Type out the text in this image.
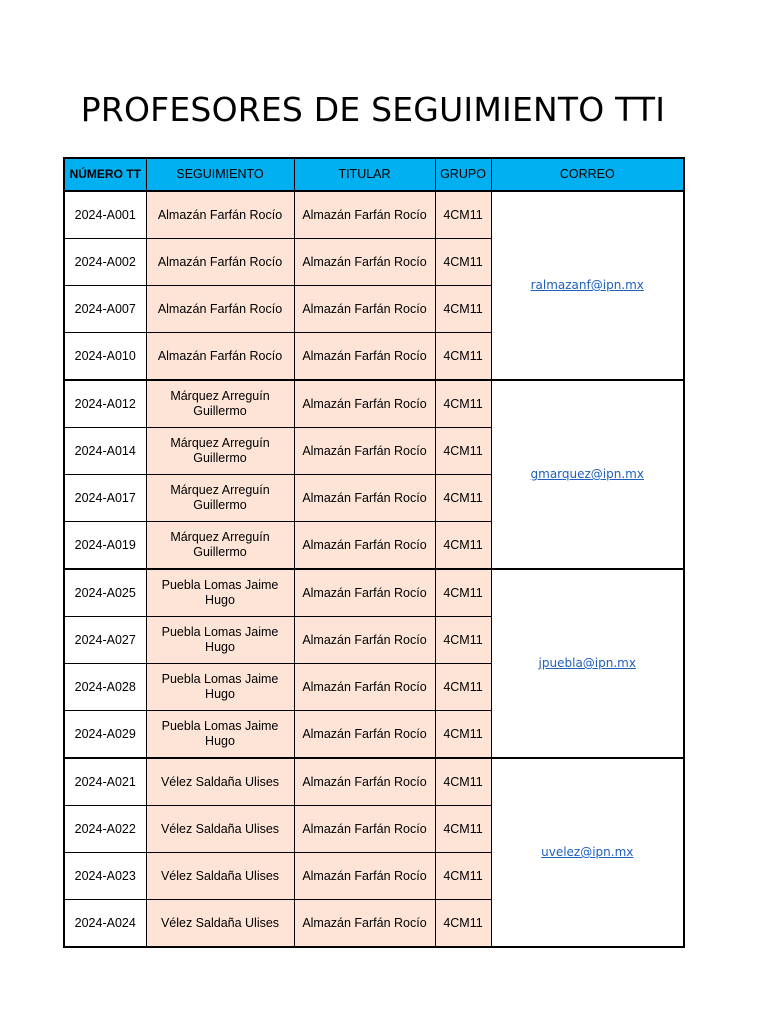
PROFESORES DE SEGUIMIENTO TTI
NÚMERO TT	SEGUIMIENTO	TITULAR	GRUPO	CORREO
2024-A001	Almazán Farfán Rocío	Almazán Farfán Rocío	4CM11	ralmazanf@ipn.mx
2024-A002	Almazán Farfán Rocío	Almazán Farfán Rocío	4CM11	
2024-A007	Almazán Farfán Rocío	Almazán Farfán Rocío	4CM11	
2024-A010	Almazán Farfán Rocío	Almazán Farfán Rocío	4CM11	
2024-A012	Márquez Arreguín Guillermo	Almazán Farfán Rocío	4CM11	gmarquez@ipn.mx
2024-A014	Márquez Arreguín Guillermo	Almazán Farfán Rocío	4CM11	
2024-A017	Márquez Arreguín Guillermo	Almazán Farfán Rocío	4CM11	
2024-A019	Márquez Arreguín Guillermo	Almazán Farfán Rocío	4CM11	
2024-A025	Puebla Lomas Jaime Hugo	Almazán Farfán Rocío	4CM11	jpuebla@ipn.mx
2024-A027	Puebla Lomas Jaime Hugo	Almazán Farfán Rocío	4CM11	
2024-A028	Puebla Lomas Jaime Hugo	Almazán Farfán Rocío	4CM11	
2024-A029	Puebla Lomas Jaime Hugo	Almazán Farfán Rocío	4CM11	
2024-A021	Vélez Saldaña Ulises	Almazán Farfán Rocío	4CM11	uvelez@ipn.mx
2024-A022	Vélez Saldaña Ulises	Almazán Farfán Rocío	4CM11	
2024-A023	Vélez Saldaña Ulises	Almazán Farfán Rocío	4CM11	
2024-A024	Vélez Saldaña Ulises	Almazán Farfán Rocío	4CM11	
